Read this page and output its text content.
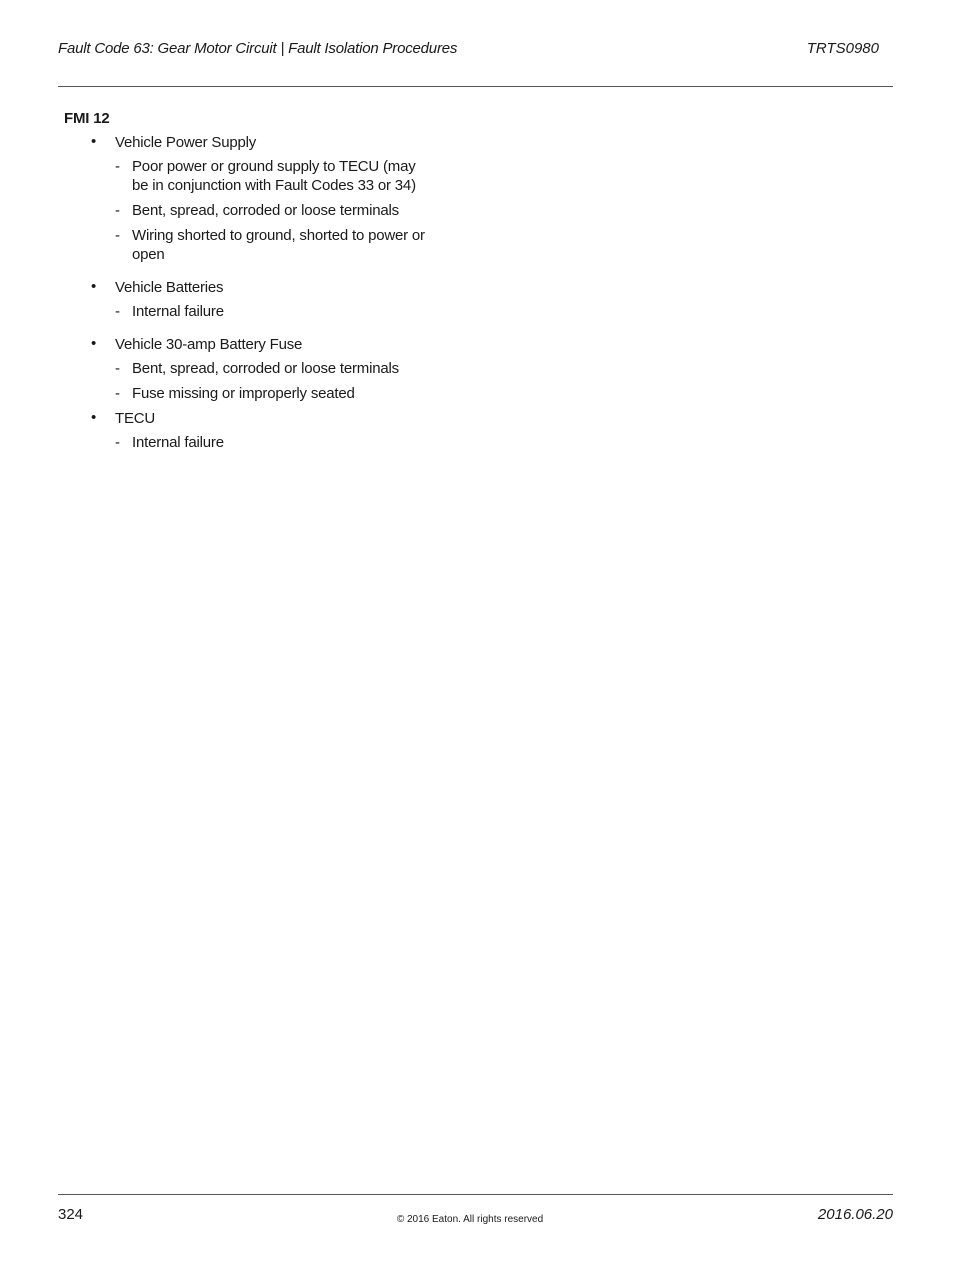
Fault Code 63: Gear Motor Circuit | Fault Isolation Procedures	TRTS0980
FMI 12
• Vehicle Power Supply
- Poor power or ground supply to TECU (may be in conjunction with Fault Codes 33 or 34)
- Bent, spread, corroded or loose terminals
- Wiring shorted to ground, shorted to power or open
• Vehicle Batteries
- Internal failure
• Vehicle 30-amp Battery Fuse
- Bent, spread, corroded or loose terminals
- Fuse missing or improperly seated
• TECU
- Internal failure
324	© 2016 Eaton. All rights reserved	2016.06.20
